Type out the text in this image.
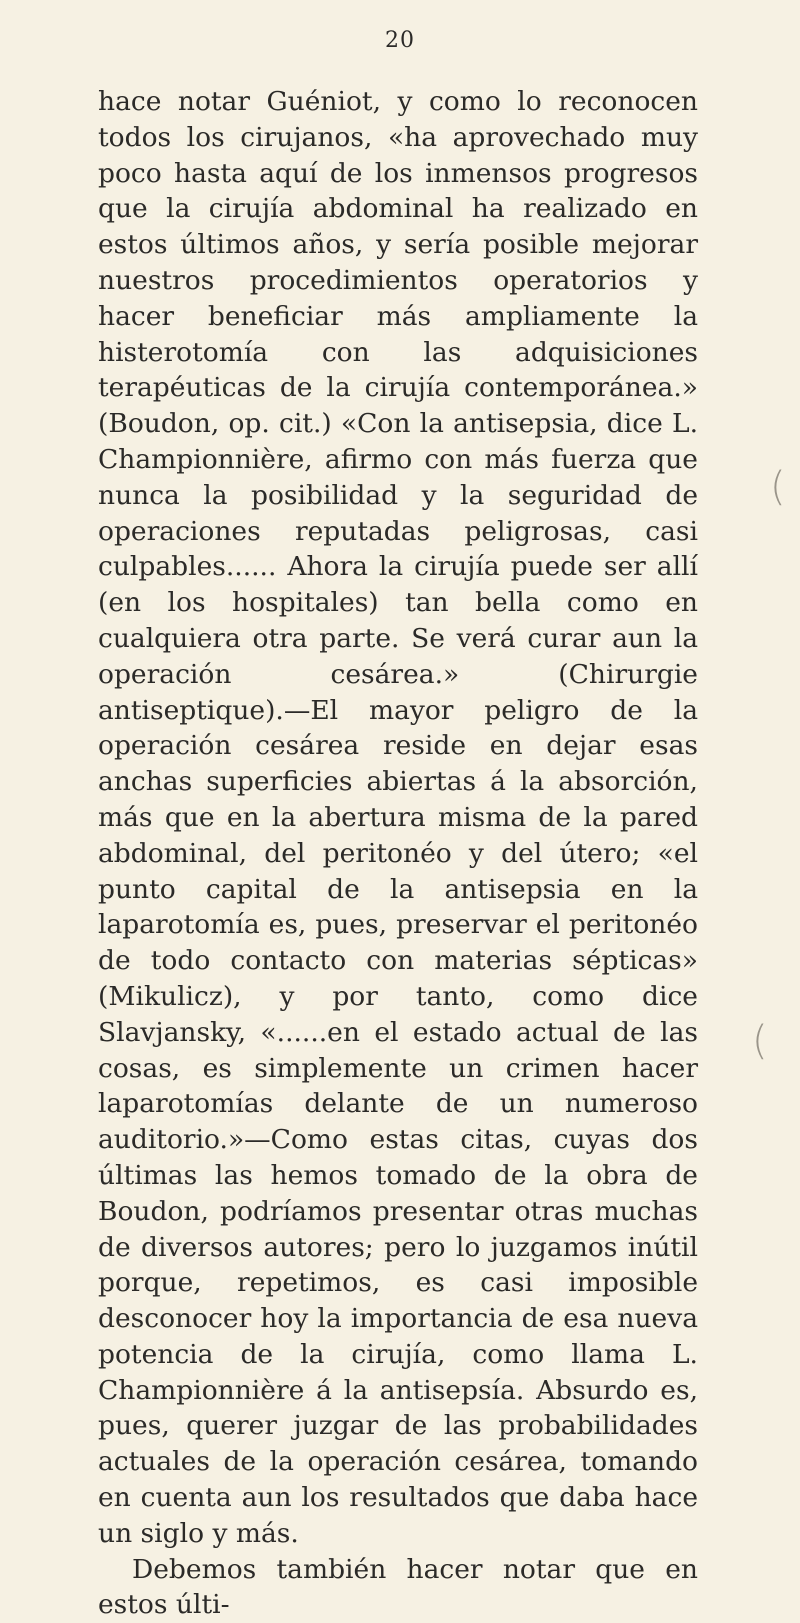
20

hace notar Guéniot, y como lo reconocen todos los cirujanos, «ha aprovechado muy poco hasta aquí de los inmensos progresos que la cirujía abdominal ha realizado en estos últimos años, y sería posible mejorar nuestros procedimientos operatorios y hacer beneficiar más ampliamente la histerotomía con las adquisiciones terapéuticas de la cirujía contemporánea.» (Boudon, op. cit.) «Con la antisepsia, dice L. Championnière, afirmo con más fuerza que nunca la posibilidad y la seguridad de operaciones reputadas peligrosas, casi culpables...... Ahora la cirujía puede ser allí (en los hospitales) tan bella como en cualquiera otra parte. Se verá curar aun la operación cesárea.» (Chirurgie antiseptique).—El mayor peligro de la operación cesárea reside en dejar esas anchas superficies abiertas á la absorción, más que en la abertura misma de la pared abdominal, del peritonéo y del útero; «el punto capital de la antisepsia en la laparotomía es, pues, preservar el peritonéo de todo contacto con materias sépticas» (Mikulicz), y por tanto, como dice Slavjansky, «......en el estado actual de las cosas, es simplemente un crimen hacer laparotomías delante de un numeroso auditorio.»—Como estas citas, cuyas dos últimas las hemos tomado de la obra de Boudon, podríamos presentar otras muchas de diversos autores; pero lo juzgamos inútil porque, repetimos, es casi imposible desconocer hoy la importancia de esa nueva potencia de la cirujía, como llama L. Championnière á la antisepsía. Absurdo es, pues, querer juzgar de las probabilidades actuales de la operación cesárea, tomando en cuenta aun los resultados que daba hace un siglo y más.

Debemos también hacer notar que en estos últi-

(
(
